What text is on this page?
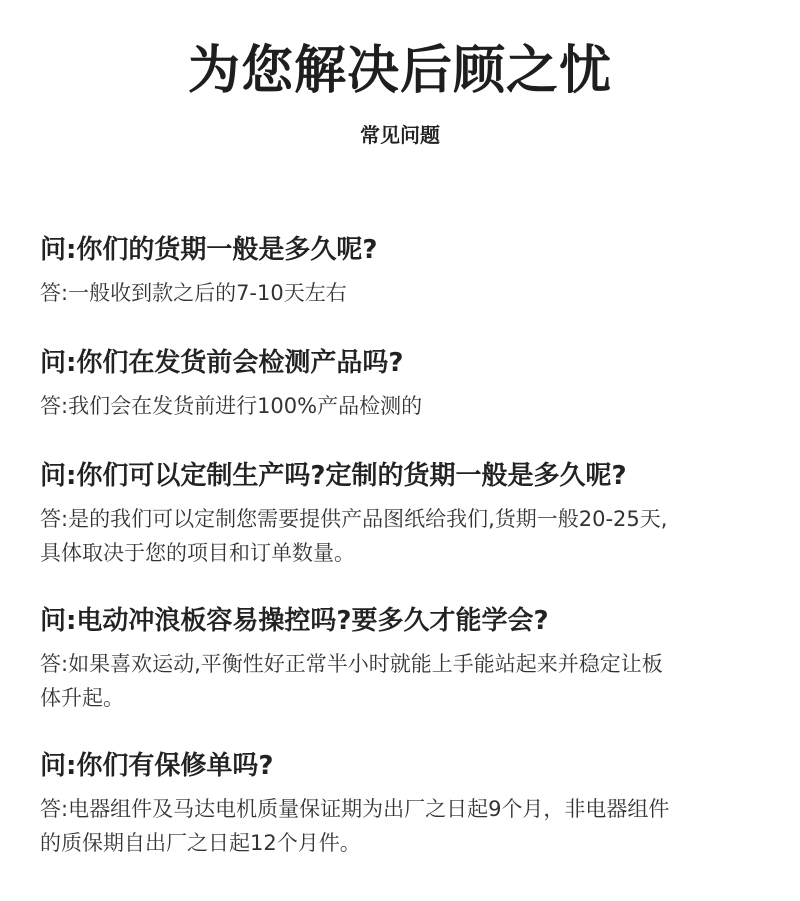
为您解决后顾之忧
常见问题
问:你们的货期一般是多久呢?
答:一般收到款之后的7-10天左右
问:你们在发货前会检测产品吗?
答:我们会在发货前进行100%产品检测的
问:你们可以定制生产吗?定制的货期一般是多久呢?
答:是的我们可以定制您需要提供产品图纸给我们,货期一般20-25天,
具体取决于您的项目和订单数量。
问:电动冲浪板容易操控吗?要多久才能学会?
答:如果喜欢运动,平衡性好正常半小时就能上手能站起来并稳定让板
体升起。
问:你们有保修单吗?
答:电器组件及马达电机质量保证期为出厂之日起9个月，非电器组件
的质保期自出厂之日起12个月件。
